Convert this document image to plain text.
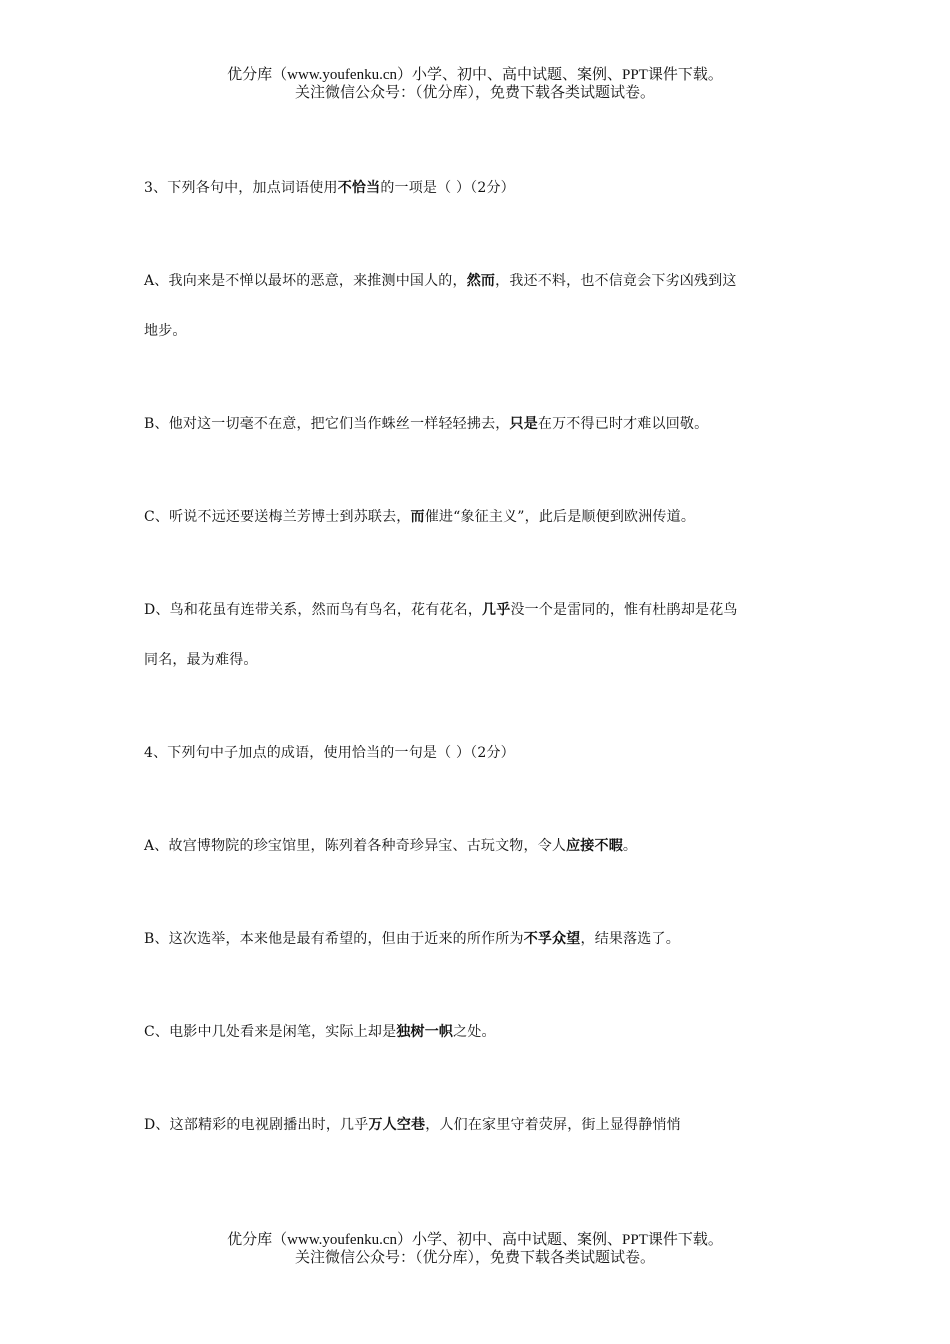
优分库（www.youfenku.cn）小学、初中、高中试题、案例、PPT课件下载。
关注微信公众号：（优分库），免费下载各类试题试卷。
3、下列各句中，加点词语使用不恰当的一项是（ ）（2分）
A、我向来是不惮以最坏的恶意，来推测中国人的，然而，我还不料，也不信竟会下劣凶残到这
地步。
B、他对这一切毫不在意，把它们当作蛛丝一样轻轻拂去，只是在万不得已时才难以回敬。
C、听说不远还要送梅兰芳博士到苏联去，而催进“象征主义”，此后是顺便到欧洲传道。
D、鸟和花虽有连带关系，然而鸟有鸟名，花有花名，几乎没一个是雷同的，惟有杜鹃却是花鸟
同名，最为难得。
4、下列句中子加点的成语，使用恰当的一句是（ ）（2分）
A、故宫博物院的珍宝馆里，陈列着各种奇珍异宝、古玩文物，令人应接不暇。
B、这次选举，本来他是最有希望的，但由于近来的所作所为不孚众望，结果落选了。
C、电影中几处看来是闲笔，实际上却是独树一帜之处。
D、这部精彩的电视剧播出时，几乎万人空巷，人们在家里守着荧屏，街上显得静悄悄
优分库（www.youfenku.cn）小学、初中、高中试题、案例、PPT课件下载。
关注微信公众号：（优分库），免费下载各类试题试卷。
